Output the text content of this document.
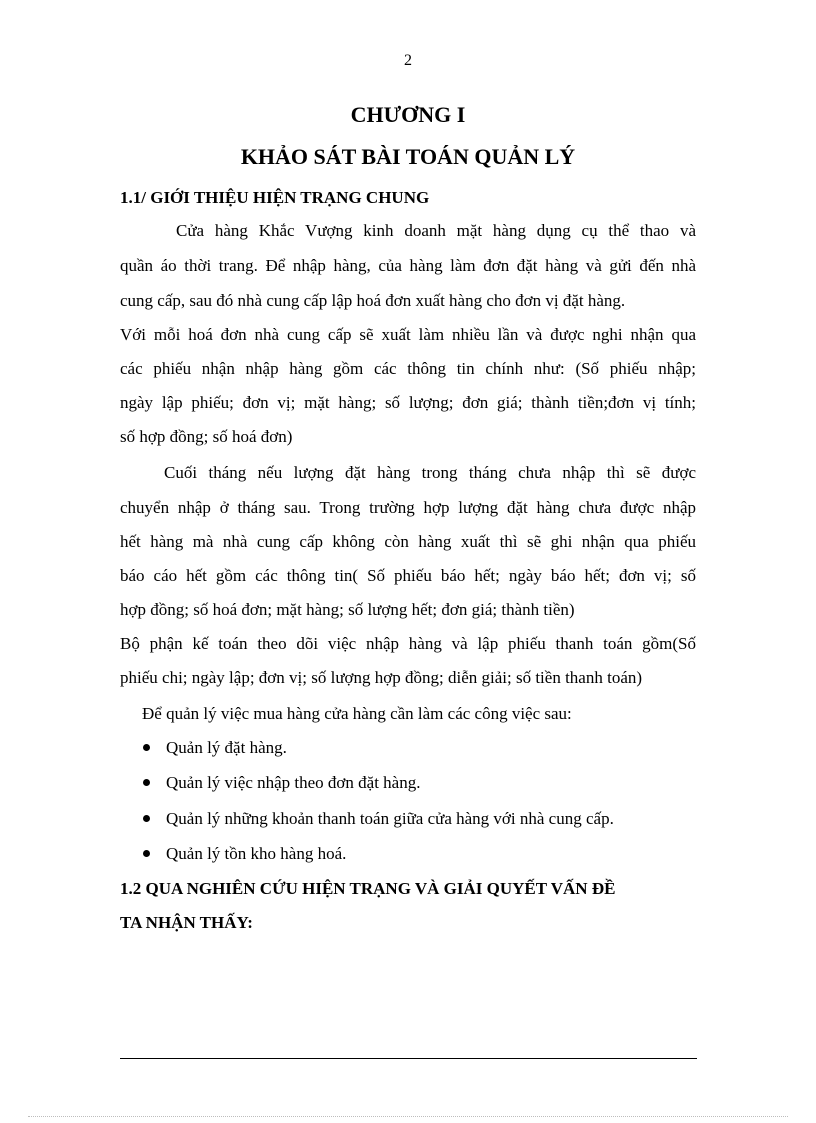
2
CHƯƠNG I
KHẢO SÁT BÀI TOÁN QUẢN LÝ
1.1/ GIỚI THIỆU HIỆN TRẠNG CHUNG
Cửa hàng Khắc Vượng kinh doanh mặt hàng dụng cụ thể thao và
quần áo thời trang. Để nhập hàng, của hàng làm đơn đặt hàng và gửi đến nhà
cung cấp, sau đó nhà cung cấp lập hoá đơn xuất hàng cho đơn vị đặt hàng.
Với mỗi hoá đơn nhà cung cấp sẽ xuất làm nhiều lần và được nghi nhận qua
các phiếu nhận nhập hàng gồm các thông tin chính như: (Số phiếu nhập;
ngày lập phiếu; đơn vị; mặt hàng; số lượng; đơn giá; thành tiền;đơn vị tính;
số hợp đồng; số hoá đơn)
Cuối tháng nếu lượng đặt hàng trong tháng chưa nhập thì sẽ được
chuyển nhập ở tháng sau. Trong trường hợp lượng đặt hàng chưa được nhập
hết hàng mà nhà cung cấp không còn hàng xuất thì sẽ ghi nhận qua phiếu
báo cáo hết gồm các thông tin( Số phiếu báo hết; ngày báo hết; đơn vị; số
hợp đồng; số hoá đơn; mặt hàng; số lượng hết; đơn giá; thành tiền)
Bộ phận kế toán theo dõi việc nhập hàng và lập phiếu thanh toán gồm(Số
phiếu chi; ngày lập; đơn vị; số lượng hợp đồng; diễn giải; số tiền thanh toán)
Để quản lý việc mua hàng cửa hàng cần làm các công việc sau:
Quản lý đặt hàng.
Quản lý việc nhập theo đơn đặt hàng.
Quản lý những khoản thanh toán giữa cửa hàng với nhà cung cấp.
Quản lý tồn kho hàng hoá.
1.2 QUA NGHIÊN CỨU HIỆN TRẠNG VÀ GIẢI QUYẾT VẤN ĐỀ
TA NHẬN THẤY:
